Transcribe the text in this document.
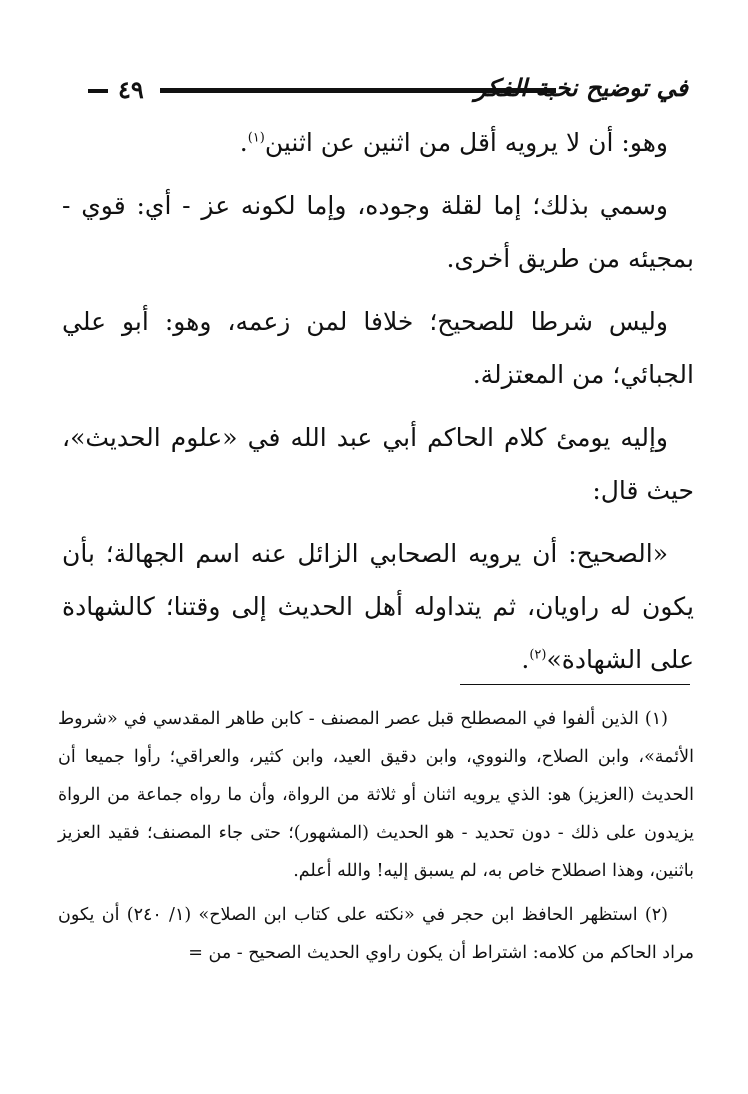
٤٩	في توضيح نخبة الفكر

وهو: أن لا يرويه أقل من اثنين عن اثنين$^{(١)}$.

وسمي بذلك؛ إما لقلة وجوده، وإما لكونه عز - أي: قوي - بمجيئه من طريق أخرى.

وليس شرطا للصحيح؛ خلافا لمن زعمه، وهو: أبو علي الجبائي؛ من المعتزلة.

وإليه يومئ كلام الحاكم أبي عبد الله في «علوم الحديث»، حيث قال:

«الصحيح: أن يرويه الصحابي الزائل عنه اسم الجهالة؛ بأن يكون له راويان، ثم يتداوله أهل الحديث إلى وقتنا؛ كالشهادة على الشهادة»$^{(٢)}$.

(١) الذين ألفوا في المصطلح قبل عصر المصنف - كابن طاهر المقدسي في «شروط الأئمة»، وابن الصلاح، والنووي، وابن دقيق العيد، وابن كثير، والعراقي؛ رأوا جميعا أن الحديث (العزيز) هو: الذي يرويه اثنان أو ثلاثة من الرواة، وأن ما رواه جماعة من الرواة يزيدون على ذلك - دون تحديد - هو الحديث (المشهور)؛ حتى جاء المصنف؛ فقيد العزيز باثنين، وهذا اصطلاح خاص به، لم يسبق إليه! والله أعلم.

(٢) استظهر الحافظ ابن حجر في «نكته على كتاب ابن الصلاح» (١/ ٢٤٠) أن يكون مراد الحاكم من كلامه: اشتراط أن يكون راوي الحديث الصحيح - من =
